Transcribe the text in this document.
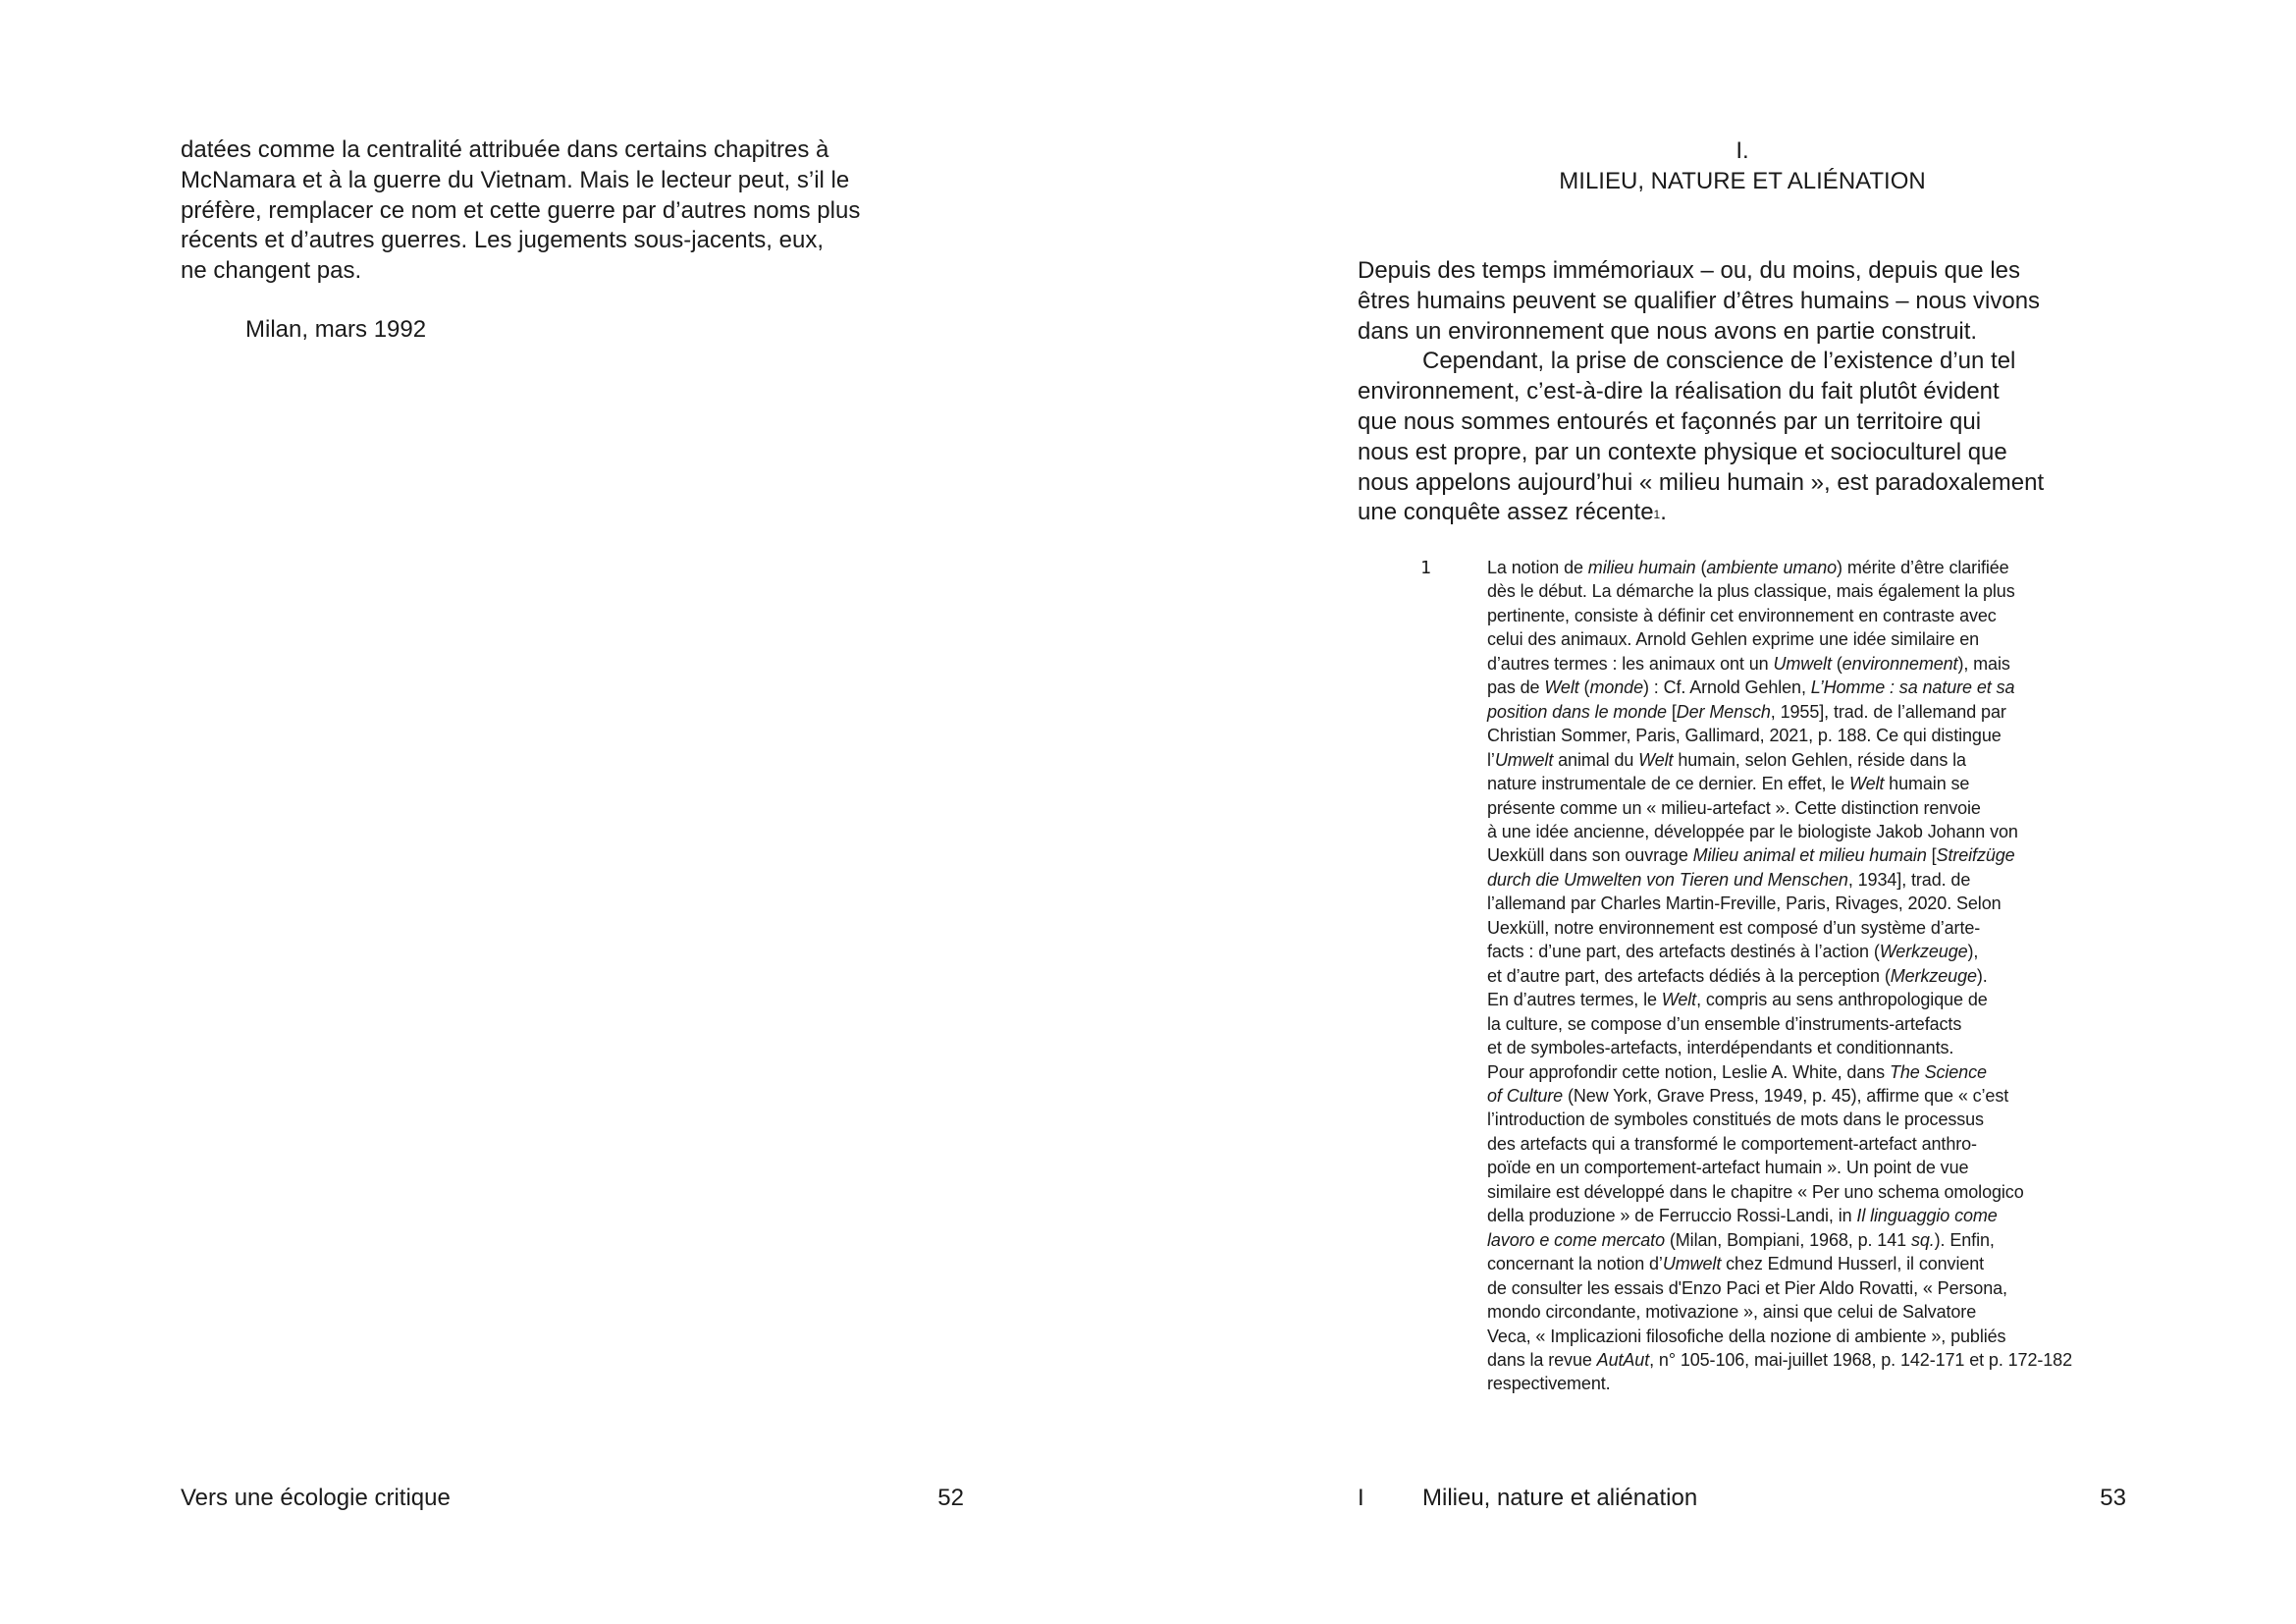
datées comme la centralité attribuée dans certains chapitres à
McNamara et à la guerre du Vietnam. Mais le lecteur peut, s’il le
préfère, remplacer ce nom et cette guerre par d’autres noms plus
récents et d’autres guerres. Les jugements sous-jacents, eux,
ne changent pas.
Milan, mars 1992
Vers une écologie critique	52
I.
MILIEU, NATURE ET ALIÉNATION
Depuis des temps immémoriaux – ou, du moins, depuis que les
êtres humains peuvent se qualifier d’êtres humains – nous vivons
dans un environnement que nous avons en partie construit.
Cependant, la prise de conscience de l’existence d’un tel
environnement, c’est-à-dire la réalisation du fait plutôt évident
que nous sommes entourés et façonnés par un territoire qui
nous est propre, par un contexte physique et socioculturel que
nous appelons aujourd’hui « milieu humain », est paradoxalement
une conquête assez récente$^1$.
1	La notion de milieu humain (ambiente umano) mérite d’être clarifiée
dès le début. La démarche la plus classique, mais également la plus
pertinente, consiste à définir cet environnement en contraste avec
celui des animaux. Arnold Gehlen exprime une idée similaire en
d’autres termes : les animaux ont un Umwelt (environnement), mais
pas de Welt (monde) : Cf. Arnold Gehlen, L’Homme : sa nature et sa
position dans le monde [Der Mensch, 1955], trad. de l’allemand par
Christian Sommer, Paris, Gallimard, 2021, p. 188. Ce qui distingue
l’Umwelt animal du Welt humain, selon Gehlen, réside dans la
nature instrumentale de ce dernier. En effet, le Welt humain se
présente comme un « milieu-artefact ». Cette distinction renvoie
à une idée ancienne, développée par le biologiste Jakob Johann von
Uexküll dans son ouvrage Milieu animal et milieu humain [Streifzüge
durch die Umwelten von Tieren und Menschen, 1934], trad. de
l’allemand par Charles Martin-Freville, Paris, Rivages, 2020. Selon
Uexküll, notre environnement est composé d’un système d’arte-
facts : d’une part, des artefacts destinés à l’action (Werkzeuge),
et d’autre part, des artefacts dédiés à la perception (Merkzeuge).
En d’autres termes, le Welt, compris au sens anthropologique de
la culture, se compose d’un ensemble d’instruments-artefacts
et de symboles-artefacts, interdépendants et conditionnants.
Pour approfondir cette notion, Leslie A. White, dans The Science
of Culture (New York, Grave Press, 1949, p. 45), affirme que « c’est
l’introduction de symboles constitués de mots dans le processus
des artefacts qui a transformé le comportement-artefact anthro-
poïde en un comportement-artefact humain ». Un point de vue
similaire est développé dans le chapitre « Per uno schema omologico
della produzione » de Ferruccio Rossi-Landi, in Il linguaggio come
lavoro e come mercato (Milan, Bompiani, 1968, p. 141 sq.). Enfin,
concernant la notion d’Umwelt chez Edmund Husserl, il convient
de consulter les essais d'Enzo Paci et Pier Aldo Rovatti, « Persona,
mondo circondante, motivazione », ainsi que celui de Salvatore
Veca, « Implicazioni filosofiche della nozione di ambiente », publiés
dans la revue AutAut, n° 105-106, mai-juillet 1968, p. 142-171 et p. 172-182
respectivement.
I Milieu, nature et aliénation	53
